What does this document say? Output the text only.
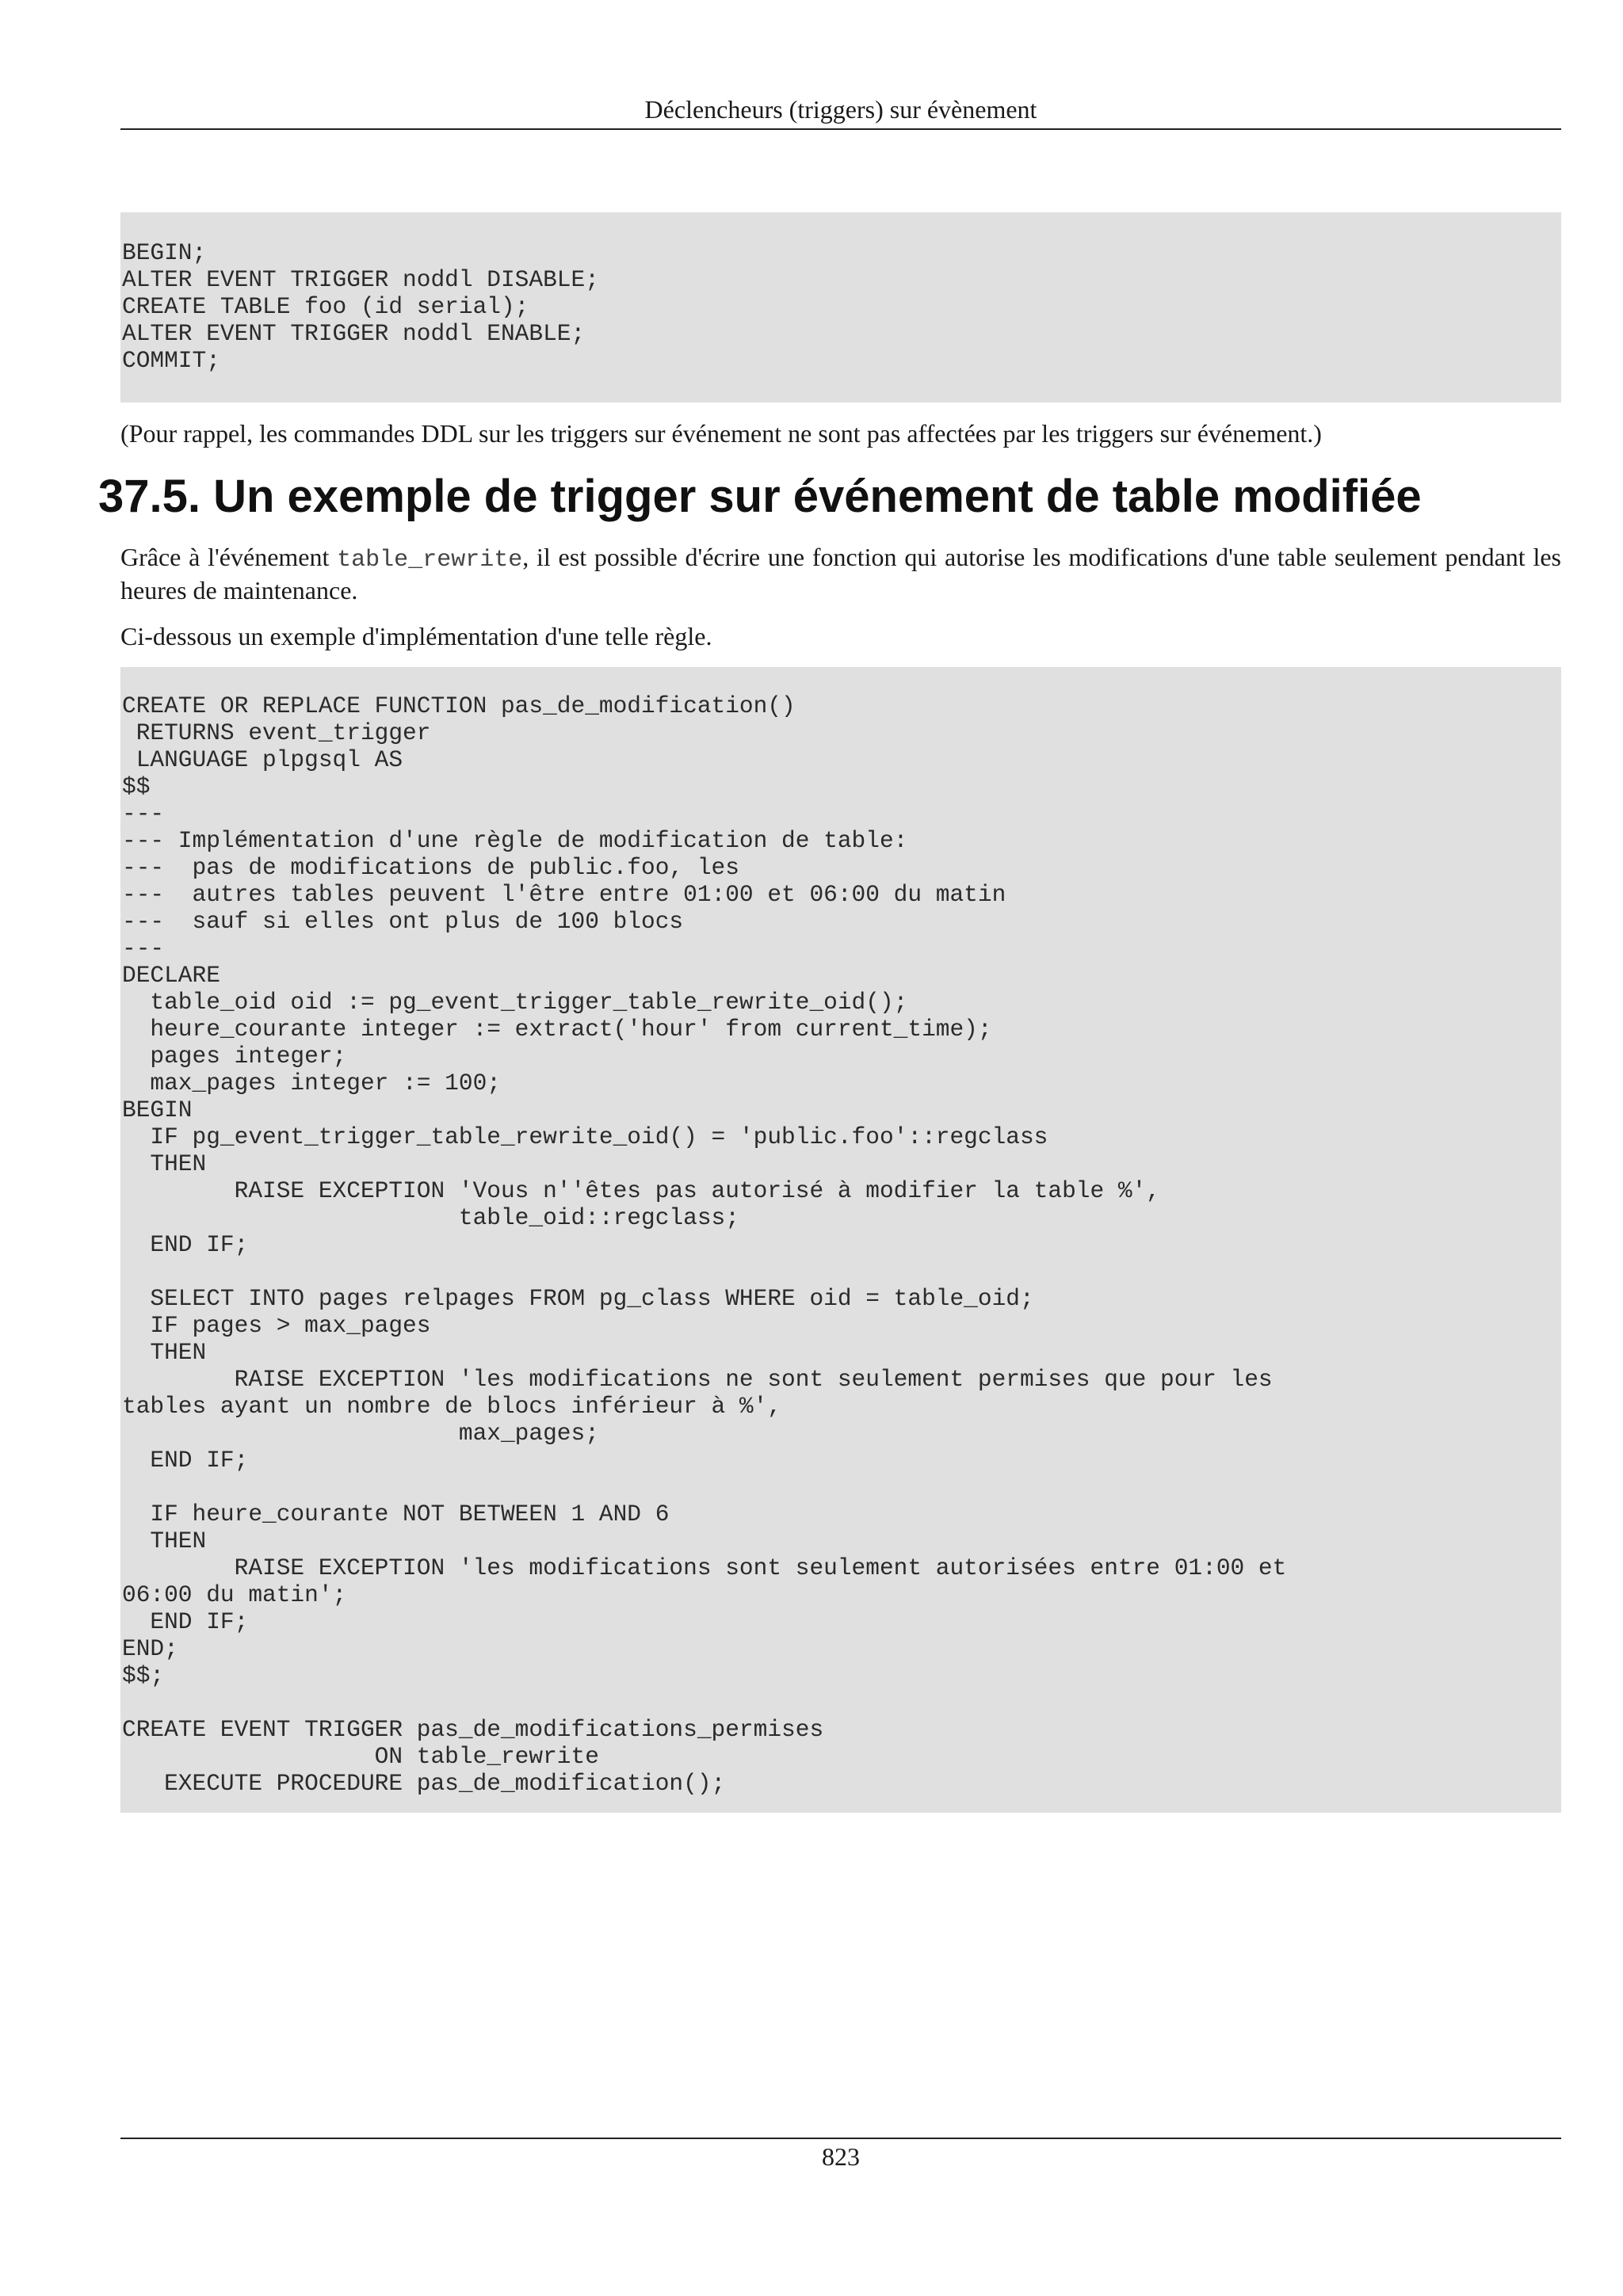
Déclencheurs (triggers) sur évènement
BEGIN;
ALTER EVENT TRIGGER noddl DISABLE;
CREATE TABLE foo (id serial);
ALTER EVENT TRIGGER noddl ENABLE;
COMMIT;

(Pour rappel, les commandes DDL sur les triggers sur événement ne sont pas affectées par les triggers sur événement.)

37.5. Un exemple de trigger sur événement de table modifiée

Grâce à l'événement table_rewrite, il est possible d'écrire une fonction qui autorise les modifications d'une table seulement pendant les heures de maintenance.

Ci-dessous un exemple d'implémentation d'une telle règle.

CREATE OR REPLACE FUNCTION pas_de_modification()
RETURNS event_trigger
LANGUAGE plpgsql AS
$$
---
--- Implémentation d'une règle de modification de table:
---  pas de modifications de public.foo, les
---  autres tables peuvent l'être entre 01:00 et 06:00 du matin
---  sauf si elles ont plus de 100 blocs
---
DECLARE
table_oid oid := pg_event_trigger_table_rewrite_oid();
heure_courante integer := extract('hour' from current_time);
pages integer;
max_pages integer := 100;
BEGIN
IF pg_event_trigger_table_rewrite_oid() = 'public.foo'::regclass
THEN
RAISE EXCEPTION 'Vous n''êtes pas autorisé à modifier la table %',
table_oid::regclass;
END IF;

SELECT INTO pages relpages FROM pg_class WHERE oid = table_oid;
IF pages > max_pages
THEN
RAISE EXCEPTION 'les modifications ne sont seulement permises que pour les
tables ayant un nombre de blocs inférieur à %',
max_pages;
END IF;

IF heure_courante NOT BETWEEN 1 AND 6
THEN
RAISE EXCEPTION 'les modifications sont seulement autorisées entre 01:00 et
06:00 du matin';
END IF;
END;
$$;

CREATE EVENT TRIGGER pas_de_modifications_permises
ON table_rewrite
EXECUTE PROCEDURE pas_de_modification();
823
